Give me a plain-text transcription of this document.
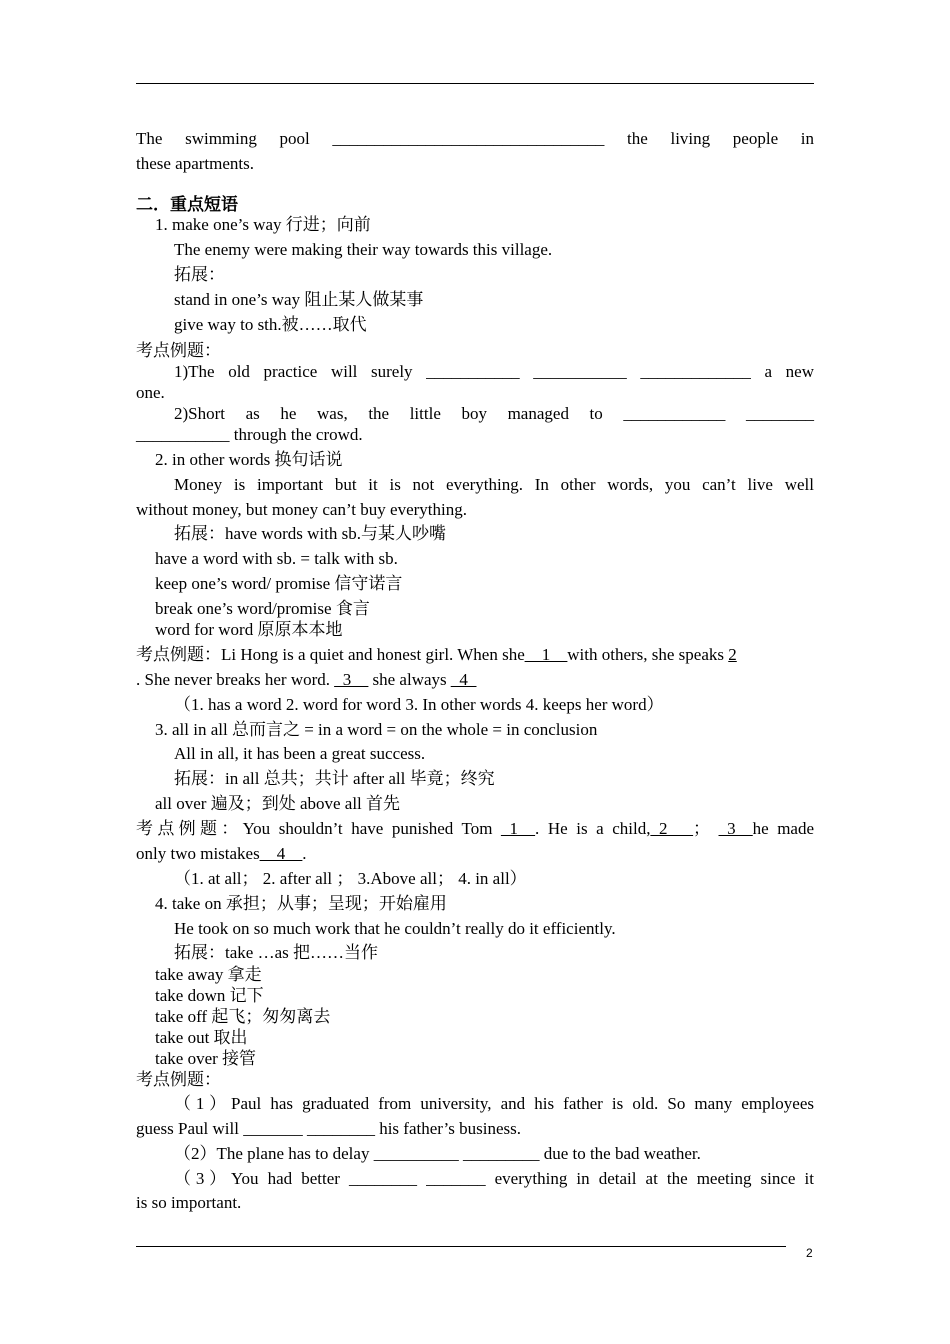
The swimming pool ________________________________ the living people in
these apartments.
二．重点短语
1. make one’s way 行进；向前
The enemy were making their way towards this village.
拓展：
stand in one’s way 阻止某人做某事
give way to sth.被……取代
考点例题：
1)The old practice will surely ___________ ___________ _____________ a new
one.
2)Short as he was, the little boy managed to ____________ ________
___________ through the crowd.
2. in other words 换句话说
Money is important but it is not everything. In other words, you can’t live well
without money, but money can’t buy everything.
拓展：have words with sb.与某人吵嘴
have a word with sb. = talk with sb.
keep one’s word/ promise 信守诺言
break one’s word/promise 食言
word for word 原原本本地
考点例题：Li Hong is a quiet and honest girl. When she__1__with others, she speaks 2
. She never breaks her word. _3__ she always _4_
（1. has a word 2. word for word 3. In other words 4. keeps her word）
3. all in all 总而言之 = in a word = on the whole = in conclusion
All in all, it has been a great success.
拓展：in all 总共；共计 after all 毕竟；终究
all over 遍及；到处 above all 首先
考点例题：You shouldn’t have punished Tom _1__. He is a child,_2___； _3__he made
only two mistakes__4__.
（1. at all； 2. after all ； 3.Above all； 4. in all）
4. take on 承担；从事；呈现；开始雇用
He took on so much work that he couldn’t really do it efficiently.
拓展：take …as 把……当作
take away 拿走
take down 记下
take off 起飞；匆匆离去
take out 取出
take over 接管
考点例题：
（1）Paul has graduated from university, and his father is old. So many employees
guess Paul will _______ ________ his father’s business.
（2）The plane has to delay __________ _________ due to the bad weather.
（3）You had better ________ _______ everything in detail at the meeting since it
is so important.
2
